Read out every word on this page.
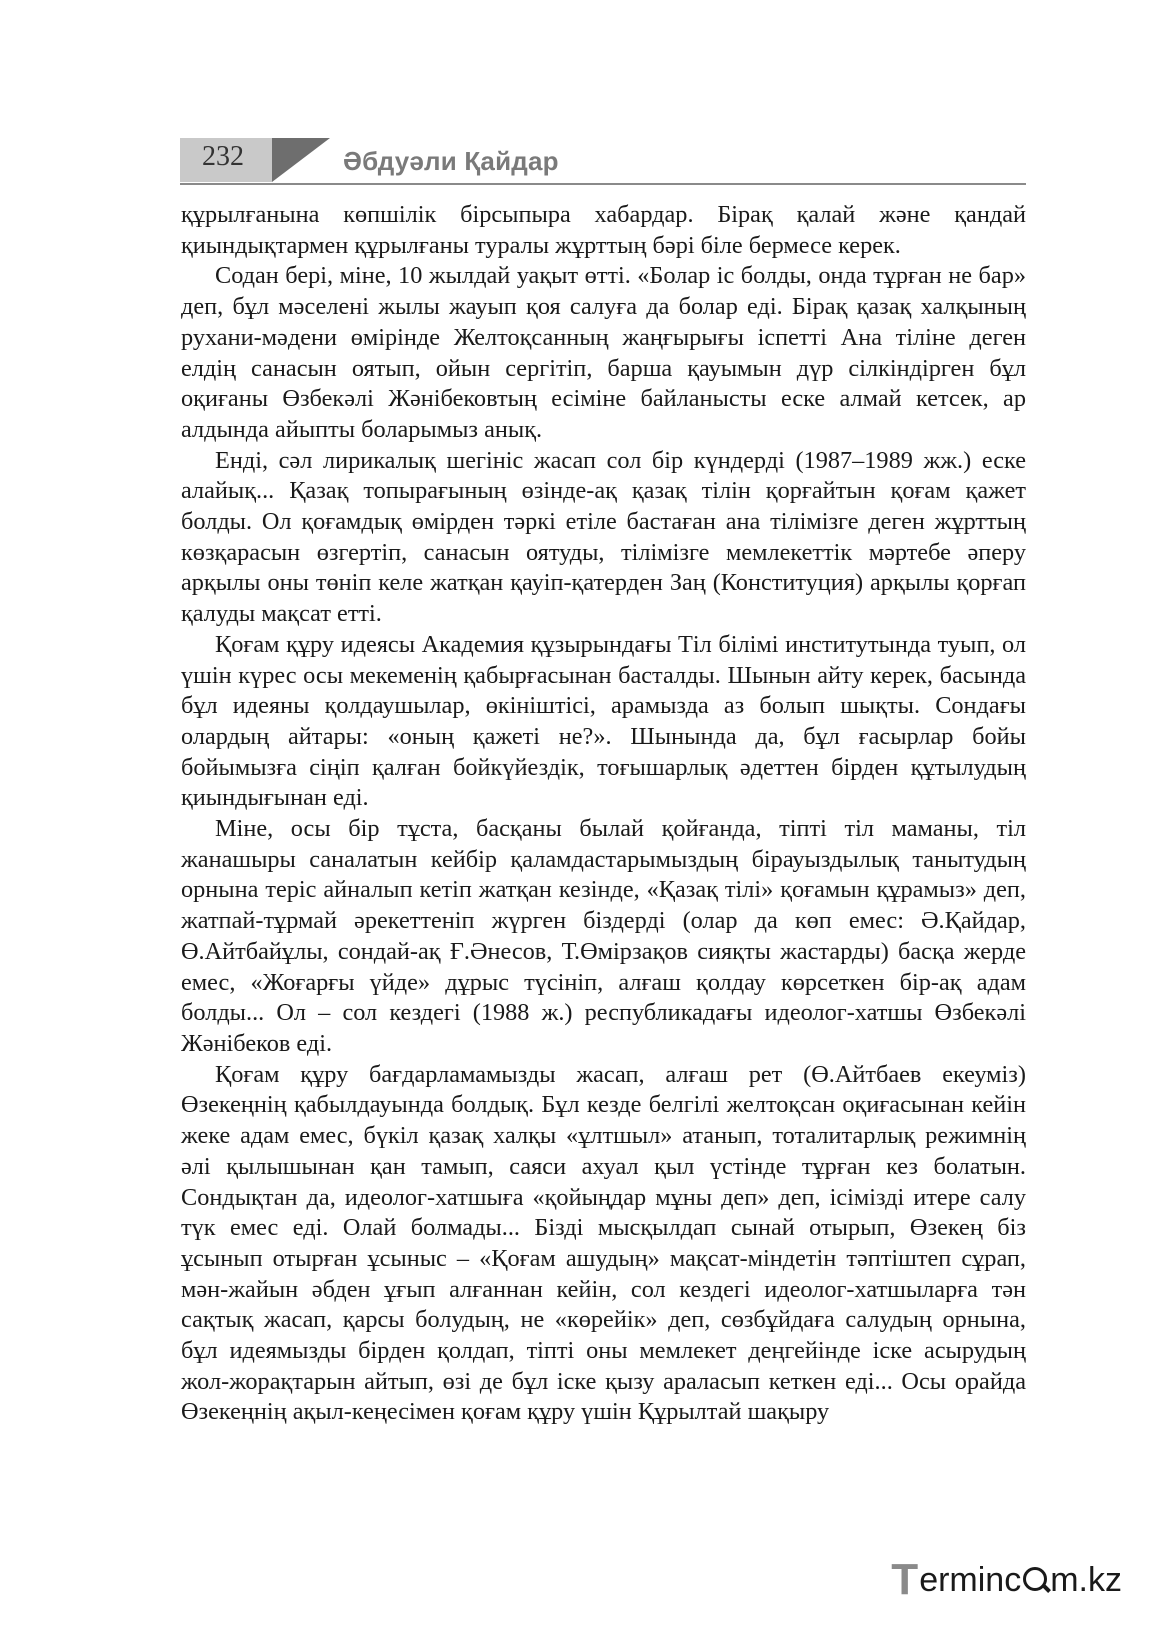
232	Әбдуәли Қайдар

құрылғанына көпшілік бірсыпыра хабардар. Бірақ қалай және қандай қиындықтармен құрылғаны туралы жұрттың бәрі біле бермесе керек.

Содан бері, міне, 10 жылдай уақыт өтті. «Болар іс болды, онда тұрған не бар» деп, бұл мәселені жылы жауып қоя салуға да болар еді. Бірақ қазақ халқының рухани-мәдени өмірінде Желтоқсанның жаңғырығы іспетті Ана тіліне деген елдің санасын оятып, ойын сергітіп, барша қауымын дүр сілкіндірген бұл оқиғаны Өзбекәлі Жәнібековтың есіміне байланысты еске алмай кетсек, ар алдында айыпты боларымыз анық.

Енді, сәл лирикалық шегініс жасап сол бір күндерді (1987–1989 жж.) еске алайық... Қазақ топырағының өзінде-ақ қазақ тілін қорғайтын қоғам қажет болды. Ол қоғамдық өмірден тәркі етіле бастаған ана тілімізге деген жұрттың көзқарасын өзгертіп, санасын оятуды, тілімізге мемлекеттік мәртебе әперу арқылы оны төніп келе жатқан қауіп-қатерден Заң (Конституция) арқылы қорғап қалуды мақсат етті.

Қоғам құру идеясы Академия құзырындағы Тіл білімі институтында туып, ол үшін күрес осы мекеменің қабырғасынан басталды. Шынын айту керек, басында бұл идеяны қолдаушылар, өкініштісі, арамызда аз болып шықты. Сондағы олардың айтары: «оның қажеті не?». Шынында да, бұл ғасырлар бойы бойымызға сіңіп қалған бойкүйездік, тоғышарлық әдеттен бірден құтылудың қиындығынан еді.

Міне, осы бір тұста, басқаны былай қойғанда, тіпті тіл маманы, тіл жанашыры саналатын кейбір қаламдастарымыздың бірауыздылық танытудың орнына теріс айналып кетіп жатқан кезінде, «Қазақ тілі» қоғамын құрамыз» деп, жатпай-тұрмай әрекеттеніп жүрген біздерді (олар да көп емес: Ә.Қайдар, Ө.Айтбайұлы, сондай-ақ Ғ.Әнесов, Т.Өмірзақов сияқты жастарды) басқа жерде емес, «Жоғарғы үйде» дұрыс түсініп, алғаш қолдау көрсеткен бір-ақ адам болды... Ол – сол кездегі (1988 ж.) республикадағы идеолог-хатшы Өзбекәлі Жәнібеков еді.

Қоғам құру бағдарламамызды жасап, алғаш рет (Ө.Айтбаев екеуміз) Өзекеңнің қабылдауында болдық. Бұл кезде белгілі желтоқсан оқиғасынан кейін жеке адам емес, бүкіл қазақ халқы «ұлтшыл» атанып, тоталитарлық режимнің әлі қылышынан қан тамып, саяси ахуал қыл үстінде тұрған кез болатын. Сондықтан да, идеолог-хатшыға «қойыңдар мұны деп» деп, ісімізді итере салу түк емес еді. Олай болмады... Бізді мысқылдап сынай отырып, Өзекең біз ұсынып отырған ұсыныс – «Қоғам ашудың» мақсат-міндетін тәптіштеп сұрап, мән-жайын әбден ұғып алғаннан кейін, сол кездегі идеолог-хатшыларға тән сақтық жасап, қарсы болудың, не «көрейік» деп, сөзбұйдаға салудың орнына, бұл идеямызды бірден қолдап, тіпті оны мемлекет деңгейінде іске асырудың жол-жорақтарын айтып, өзі де бұл іске қызу араласып кеткен еді... Осы орайда Өзекеңнің ақыл-кеңесімен қоғам құру үшін Құрылтай шақыру

T ermin c m.kz
